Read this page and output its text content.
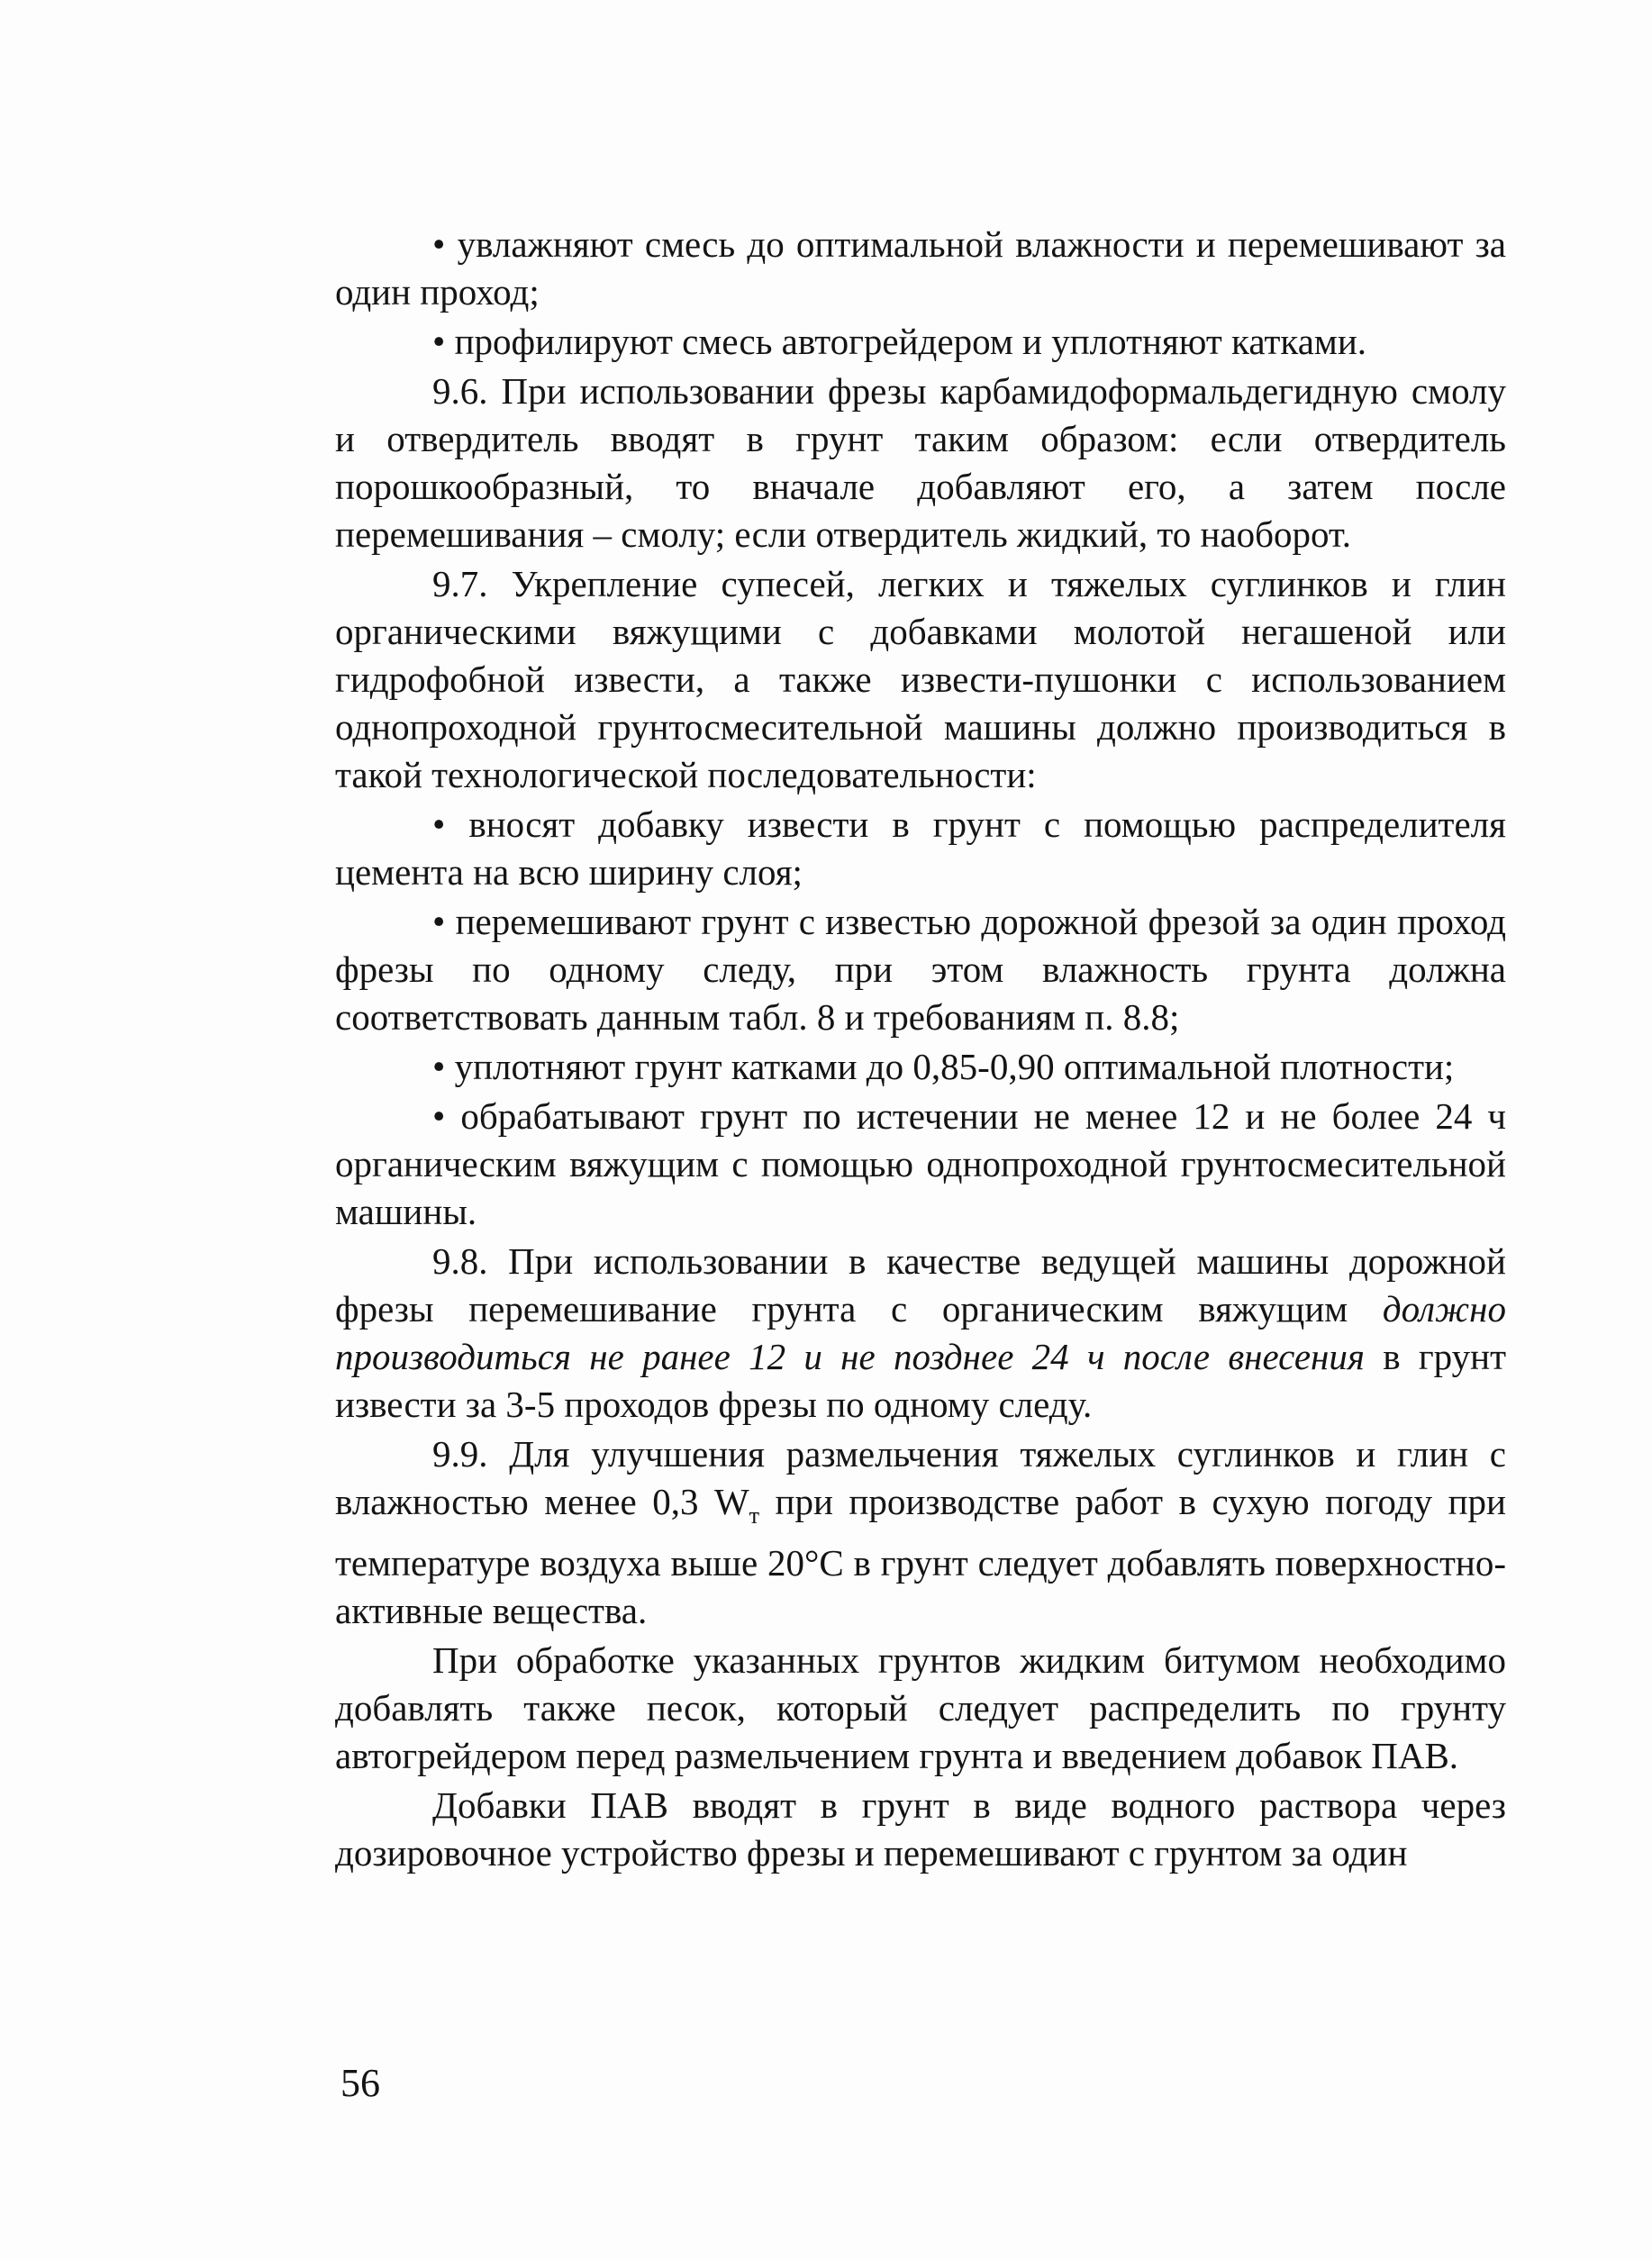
• увлажняют смесь до оптимальной влажности и перемешивают за один проход;

• профилируют смесь автогрейдером и уплотняют катками.

9.6. При использовании фрезы карбамидоформальдегидную смолу и отвердитель вводят в грунт таким образом: если отвердитель порошкообразный, то вначале добавляют его, а затем после перемешивания – смолу; если отвердитель жидкий, то наоборот.

9.7. Укрепление супесей, легких и тяжелых суглинков и глин органическими вяжущими с добавками молотой негашеной или гидрофобной извести, а также извести-пушонки с использованием однопроходной грунтосмесительной машины должно производиться в такой технологической последовательности:

• вносят добавку извести в грунт с помощью распределителя цемента на всю ширину слоя;

• перемешивают грунт с известью дорожной фрезой за один проход фрезы по одному следу, при этом влажность грунта должна соответствовать данным табл. 8 и требованиям п. 8.8;

• уплотняют грунт катками до 0,85-0,90 оптимальной плотности;

• обрабатывают грунт по истечении не менее 12 и не более 24 ч органическим вяжущим с помощью однопроходной грунтосмесительной машины.

9.8. При использовании в качестве ведущей машины дорожной фрезы перемешивание грунта с органическим вяжущим должно производиться не ранее 12 и не позднее 24 ч после внесения в грунт извести за 3-5 проходов фрезы по одному следу.

9.9. Для улучшения размельчения тяжелых суглинков и глин с влажностью менее 0,3 $W_т$ при производстве работ в сухую погоду при температуре воздуха выше 20°С в грунт следует добавлять поверхностно-активные вещества.

При обработке указанных грунтов жидким битумом необходимо добавлять также песок, который следует распределить по грунту автогрейдером перед размельчением грунта и введением добавок ПАВ.

Добавки ПАВ вводят в грунт в виде водного раствора через дозировочное устройство фрезы и перемешивают с грунтом за один

56
